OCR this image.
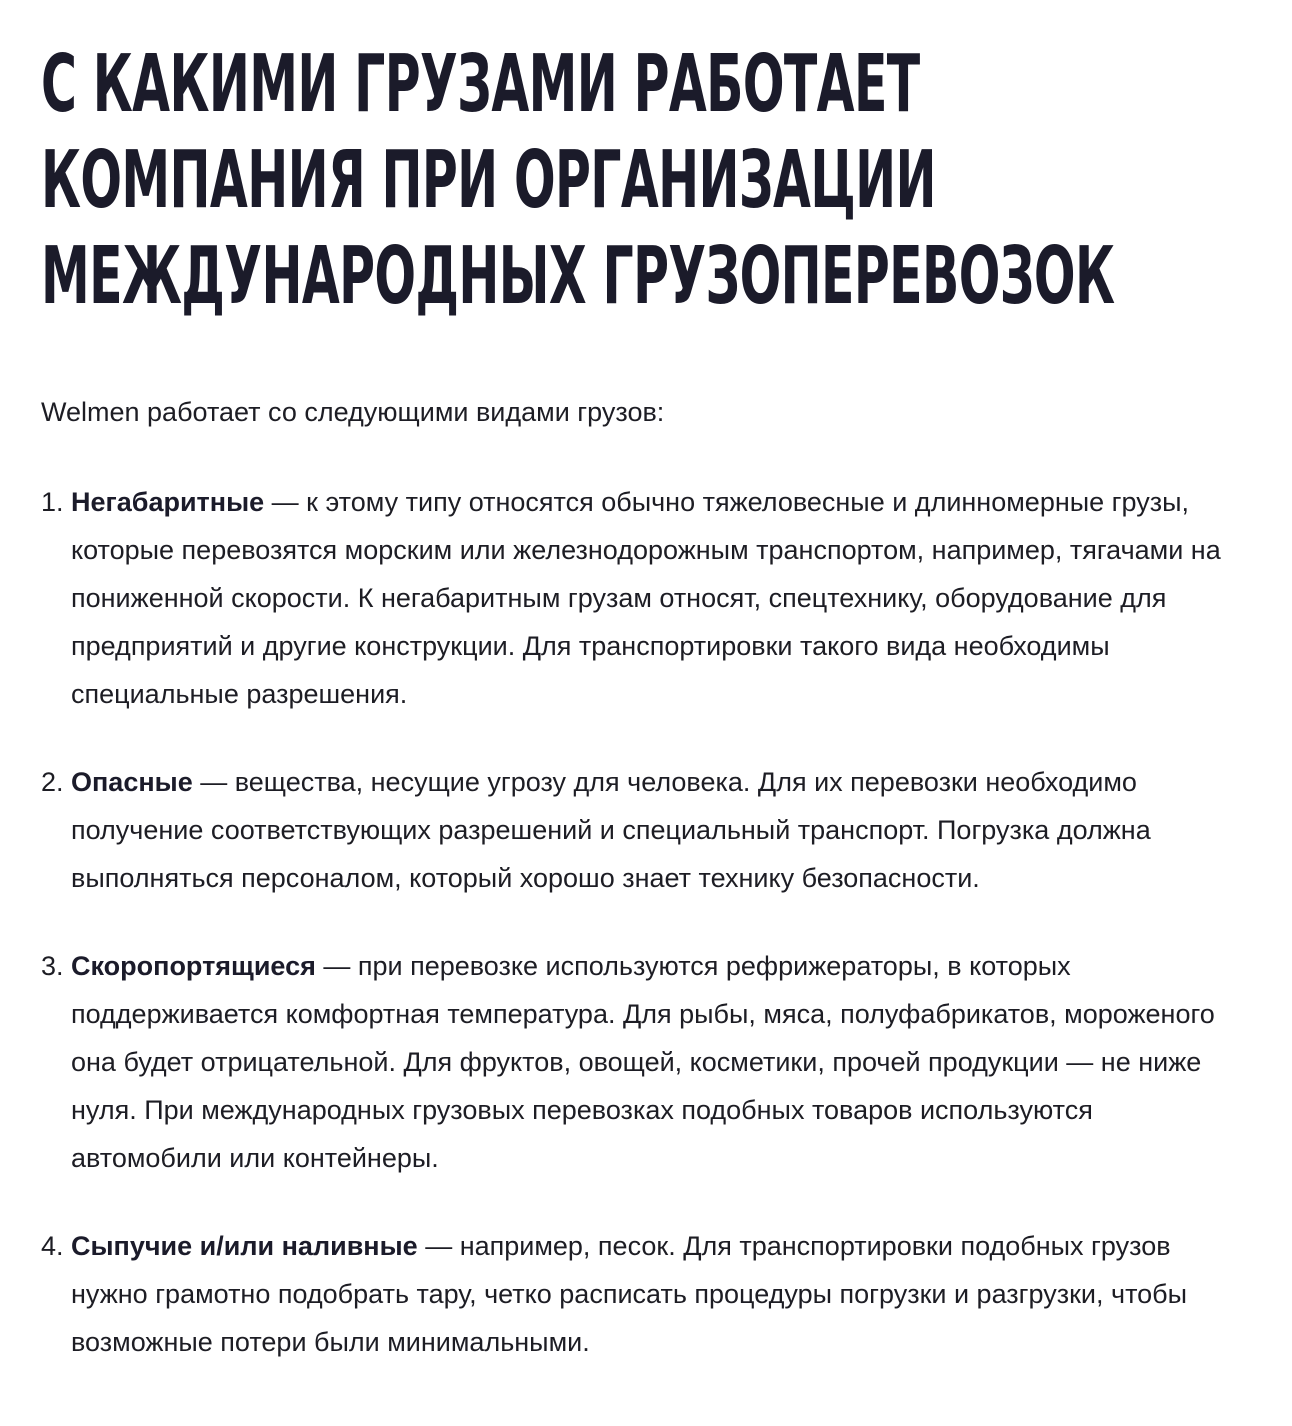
С КАКИМИ ГРУЗАМИ РАБОТАЕТ КОМПАНИЯ ПРИ ОРГАНИЗАЦИИ МЕЖДУНАРОДНЫХ ГРУЗОПЕРЕВОЗОК

Welmen работает со следующими видами грузов:

1. Негабаритные — к этому типу относятся обычно тяжеловесные и длинномерные грузы, которые перевозятся морским или железнодорожным транспортом, например, тягачами на пониженной скорости. К негабаритным грузам относят, спецтехнику, оборудование для предприятий и другие конструкции. Для транспортировки такого вида необходимы специальные разрешения.
2. Опасные — вещества, несущие угрозу для человека. Для их перевозки необходимо получение соответствующих разрешений и специальный транспорт. Погрузка должна выполняться персоналом, который хорошо знает технику безопасности.
3. Скоропортящиеся — при перевозке используются рефрижераторы, в которых поддерживается комфортная температура. Для рыбы, мяса, полуфабрикатов, мороженого она будет отрицательной. Для фруктов, овощей, косметики, прочей продукции — не ниже нуля. При международных грузовых перевозках подобных товаров используются автомобили или контейнеры.
4. Сыпучие и/или наливные — например, песок. Для транспортировки подобных грузов нужно грамотно подобрать тару, четко расписать процедуры погрузки и разгрузки, чтобы возможные потери были минимальными.
